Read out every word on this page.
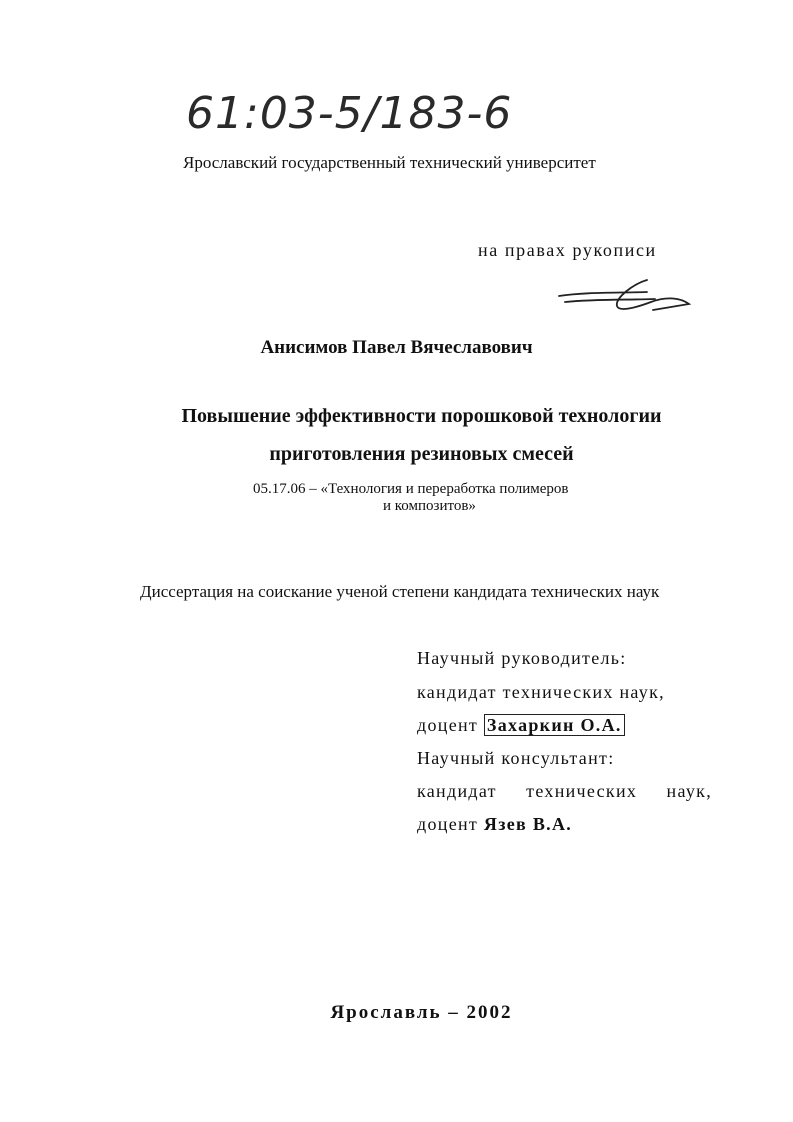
61:03-5/183-6
Ярославский государственный технический университет
на правах рукописи
Анисимов Павел Вячеславович
Повышение эффективности порошковой технологии
приготовления резиновых смесей
05.17.06 – «Технология и переработка полимеров
и композитов»
Диссертация на соискание ученой степени кандидата технических наук
Научный руководитель:
кандидат технических наук,
доцент Захаркин О.А.
Научный консультант:
кандидат технических наук,
доцент Язев В.А.
Ярославль – 2002
